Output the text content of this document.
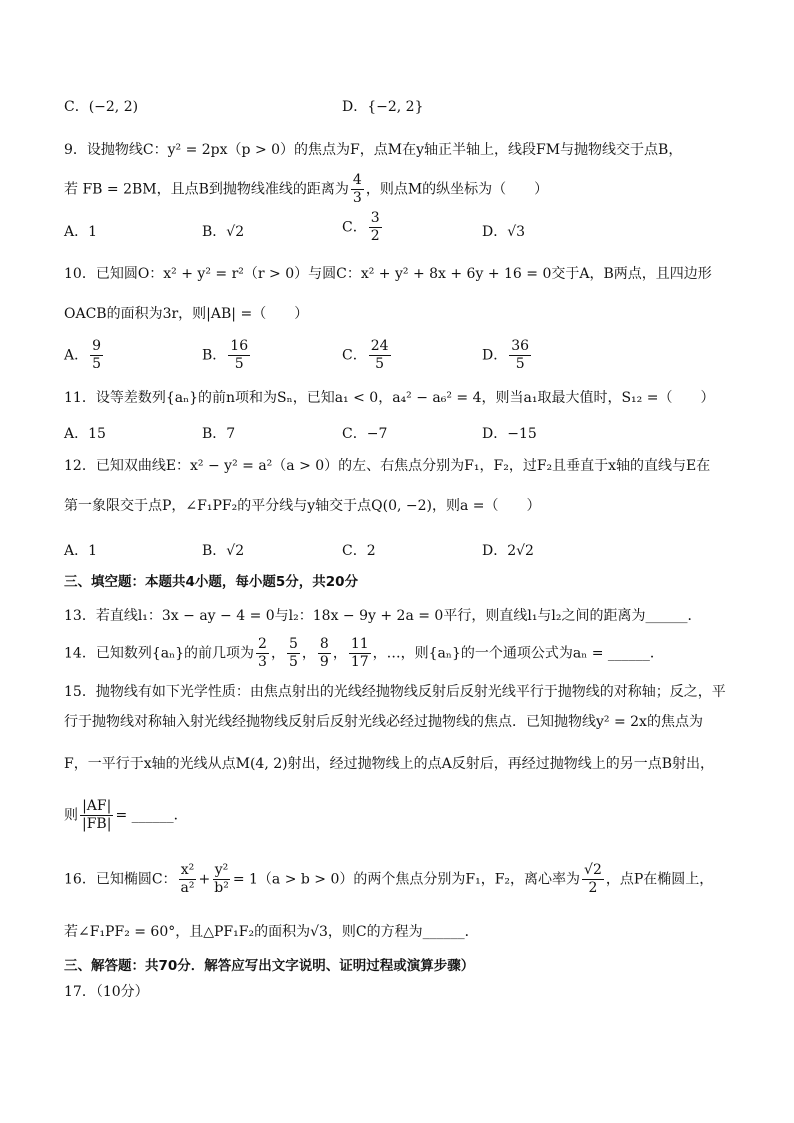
C．(−2, 2)	D．{−2, 2}
9．设抛物线C：y² = 2px（p > 0）的焦点为F，点M在y轴正半轴上，线段FM与抛物线交于点B，
若 FB = 2BM，且点B到抛物线准线的距离为 $\frac{4}{3}$ ，则点M的纵坐标为（　　）
A．1	B．√2	C． $\frac{3}{2}$	D．√3
10．已知圆O：x² + y² = r²（r > 0）与圆C：x² + y² + 8x + 6y + 16 = 0交于A，B两点，且四边形
OACB的面积为3r，则|AB| =（　　）
A． $\frac{9}{5}$	B． $\frac{16}{5}$	C． $\frac{24}{5}$	D． $\frac{36}{5}$
11．设等差数列{aₙ}的前n项和为Sₙ，已知a₁ < 0，a₄² − a₆² = 4，则当a₁取最大值时，S₁₂ =（　　）
A．15	B．7	C．−7	D．−15
12．已知双曲线E：x² − y² = a²（a > 0）的左、右焦点分别为F₁，F₂，过F₂且垂直于x轴的直线与E在
第一象限交于点P，∠F₁PF₂的平分线与y轴交于点Q(0, −2)，则a =（　　）
A．1	B．√2	C．2	D．2√2
三、填空题：本题共4小题，每小题5分，共20分
13．若直线l₁：3x − ay − 4 = 0与l₂：18x − 9y + 2a = 0平行，则直线l₁与l₂之间的距离为______．
14．已知数列{aₙ}的前几项为 $\frac{2}{3}$ ， $\frac{5}{5}$ ， $\frac{8}{9}$ ， $\frac{11}{17}$ ，…，则{aₙ}的一个通项公式为aₙ = ______．
15．抛物线有如下光学性质：由焦点射出的光线经抛物线反射后反射光线平行于抛物线的对称轴；反之，平
行于抛物线对称轴入射光线经抛物线反射后反射光线必经过抛物线的焦点．已知抛物线y² = 2x的焦点为
F，一平行于x轴的光线从点M(4, 2)射出，经过抛物线上的点A反射后，再经过抛物线上的另一点B射出，
则 $\frac{|AF|}{|FB|}$ = ______．
16．已知椭圆C： $\frac{\text{x²}}{\text{a²}} + \frac{\text{y²}}{\text{b²}} = 1(a > b > 0)$的两个焦点分别为F₁，F₂，离心率为 $\frac{√2}{2}$ ，点P在椭圆上，
若∠F₁PF₂ = 60°，且△PF₁F₂的面积为√3，则C的方程为______．
三、解答题：共70分．解答应写出文字说明、证明过程或演算步骤）
17．（10分）
